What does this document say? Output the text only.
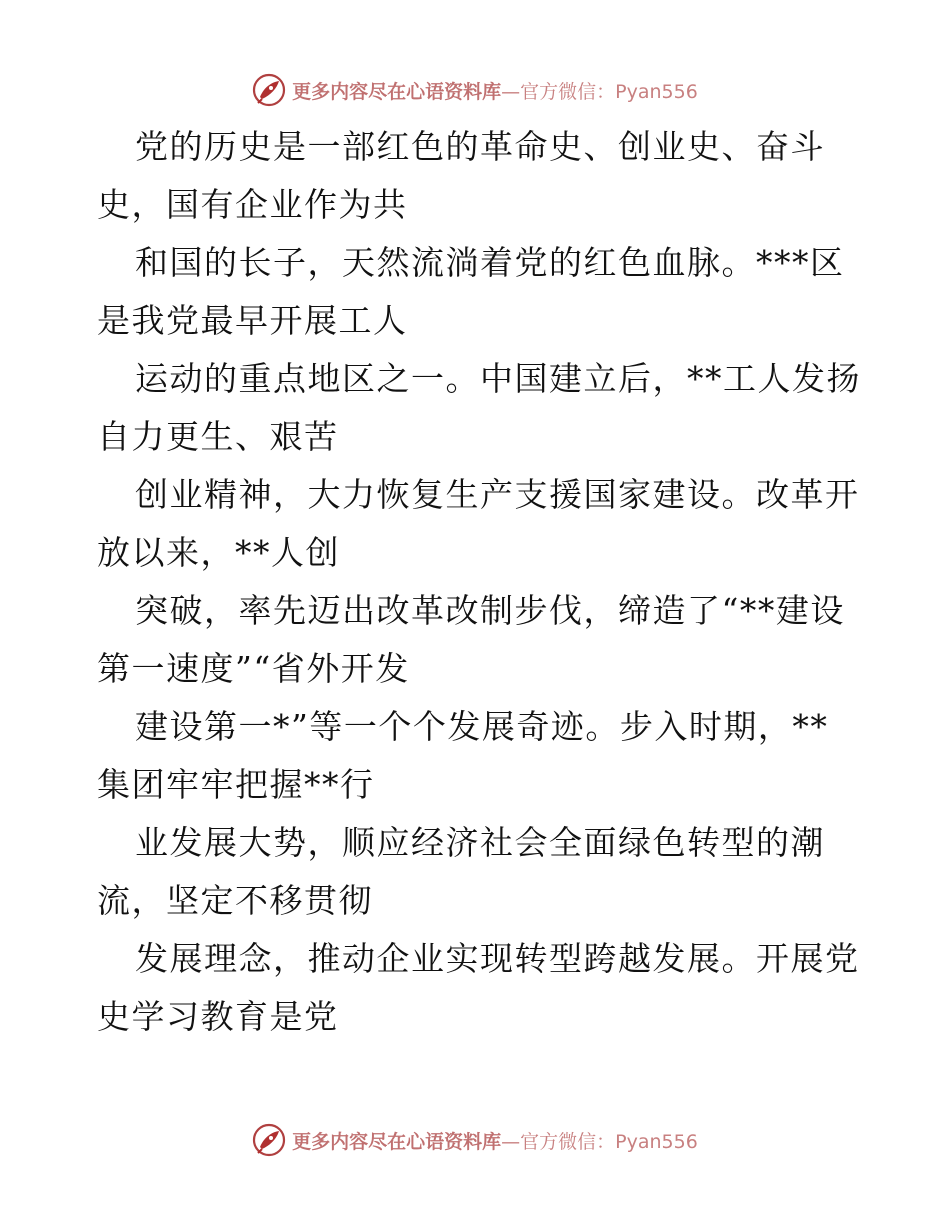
更多内容尽在心语资料库—官方微信：Pyan556
党的历史是一部红色的革命史、创业史、奋斗
史，国有企业作为共
和国的长子，天然流淌着党的红色血脉。***区
是我党最早开展工人
运动的重点地区之一。中国建立后，**工人发扬
自力更生、艰苦
创业精神，大力恢复生产支援国家建设。改革开
放以来，**人创
突破，率先迈出改革改制步伐，缔造了“**建设
第一速度”“省外开发
建设第一*”等一个个发展奇迹。步入时期，**
集团牢牢把握**行
业发展大势，顺应经济社会全面绿色转型的潮
流，坚定不移贯彻
发展理念，推动企业实现转型跨越发展。开展党
史学习教育是党
更多内容尽在心语资料库—官方微信：Pyan556
